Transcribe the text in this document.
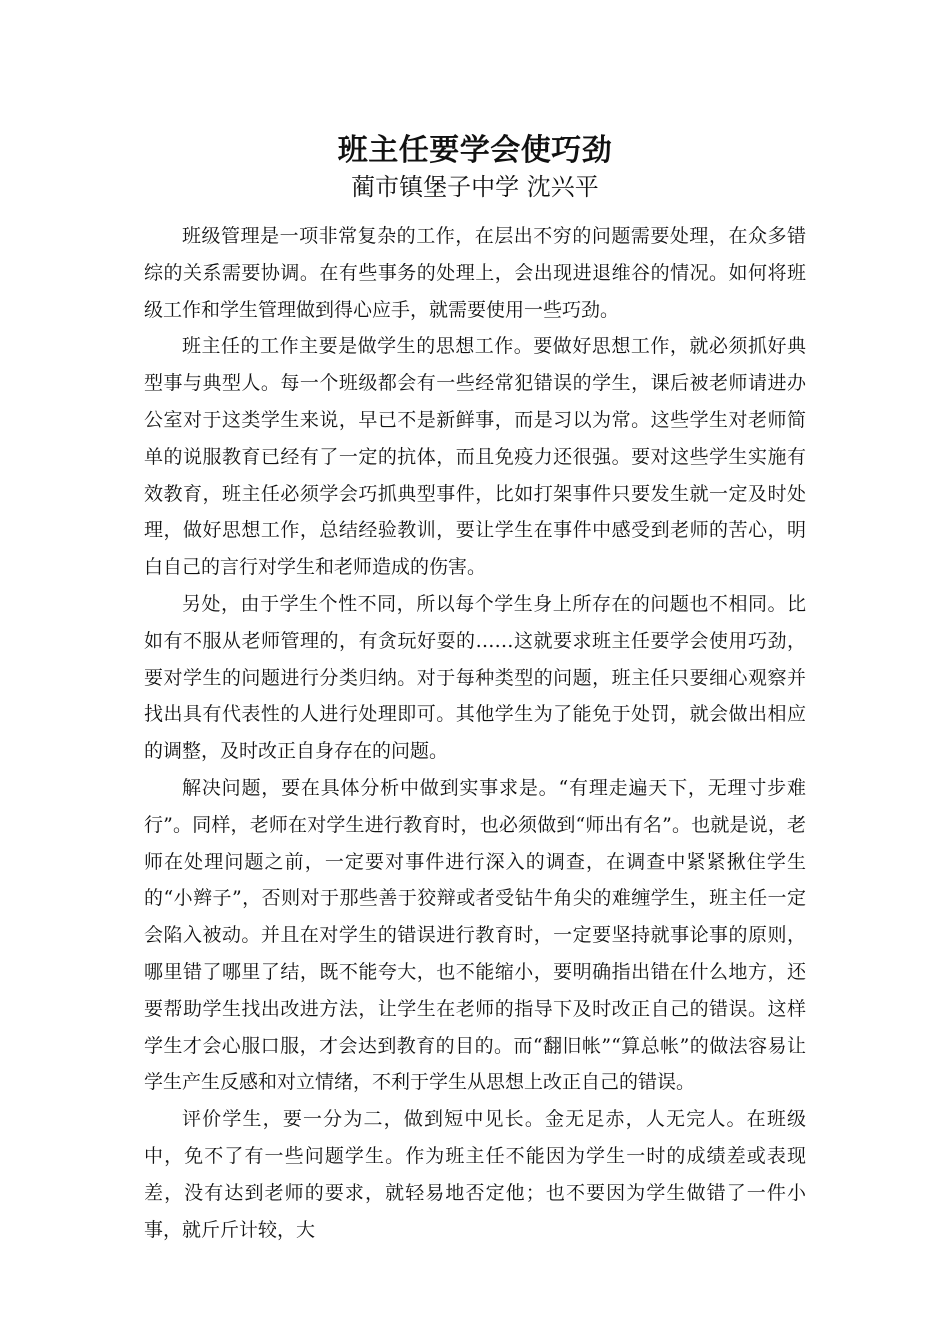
班主任要学会使巧劲
蔺市镇堡子中学 沈兴平

班级管理是一项非常复杂的工作，在层出不穷的问题需要处理，在众多错综的关系需要协调。在有些事务的处理上，会出现进退维谷的情况。如何将班级工作和学生管理做到得心应手，就需要使用一些巧劲。

班主任的工作主要是做学生的思想工作。要做好思想工作，就必须抓好典型事与典型人。每一个班级都会有一些经常犯错误的学生，课后被老师请进办公室对于这类学生来说，早已不是新鲜事，而是习以为常。这些学生对老师简单的说服教育已经有了一定的抗体，而且免疫力还很强。要对这些学生实施有效教育，班主任必须学会巧抓典型事件，比如打架事件只要发生就一定及时处理，做好思想工作，总结经验教训，要让学生在事件中感受到老师的苦心，明白自己的言行对学生和老师造成的伤害。

另处，由于学生个性不同，所以每个学生身上所存在的问题也不相同。比如有不服从老师管理的，有贪玩好耍的……这就要求班主任要学会使用巧劲，要对学生的问题进行分类归纳。对于每种类型的问题，班主任只要细心观察并找出具有代表性的人进行处理即可。其他学生为了能免于处罚，就会做出相应的调整，及时改正自身存在的问题。

解决问题，要在具体分析中做到实事求是。“有理走遍天下，无理寸步难行”。同样，老师在对学生进行教育时，也必须做到“师出有名”。也就是说，老师在处理问题之前，一定要对事件进行深入的调查，在调查中紧紧揪住学生的“小辫子”，否则对于那些善于狡辩或者受钻牛角尖的难缠学生，班主任一定会陷入被动。并且在对学生的错误进行教育时，一定要坚持就事论事的原则，哪里错了哪里了结，既不能夸大，也不能缩小，要明确指出错在什么地方，还要帮助学生找出改进方法，让学生在老师的指导下及时改正自己的错误。这样学生才会心服口服，才会达到教育的目的。而“翻旧帐”“算总帐”的做法容易让学生产生反感和对立情绪，不利于学生从思想上改正自己的错误。

评价学生，要一分为二，做到短中见长。金无足赤，人无完人。在班级中，免不了有一些问题学生。作为班主任不能因为学生一时的成绩差或表现差，没有达到老师的要求，就轻易地否定他；也不要因为学生做错了一件小事，就斤斤计较，大
